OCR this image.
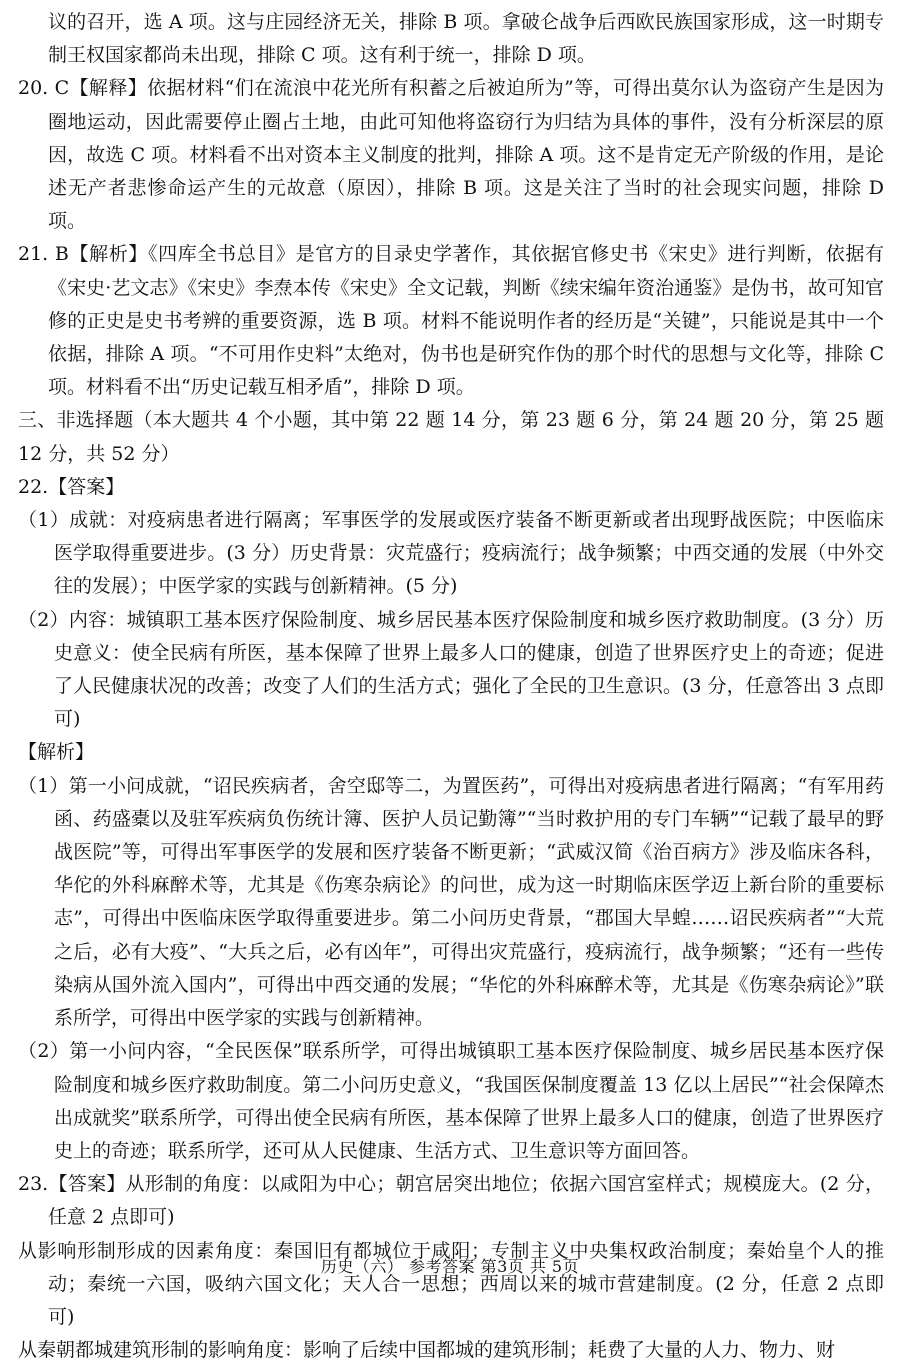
议的召开，选 A 项。这与庄园经济无关，排除 B 项。拿破仑战争后西欧民族国家形成，这一时期专制王权国家都尚未出现，排除 C 项。这有利于统一，排除 D 项。

20. C【解释】依据材料“们在流浪中花光所有积蓄之后被迫所为”等，可得出莫尔认为盗窃产生是因为圈地运动，因此需要停止圈占土地，由此可知他将盗窃行为归结为具体的事件，没有分析深层的原因，故选 C 项。材料看不出对资本主义制度的批判，排除 A 项。这不是肯定无产阶级的作用，是论述无产者悲惨命运产生的元故意（原因），排除 B 项。这是关注了当时的社会现实问题，排除 D 项。

21. B【解析】《四库全书总目》是官方的目录史学著作，其依据官修史书《宋史》进行判断，依据有《宋史·艺文志》《宋史》李焘本传《宋史》全文记载，判断《续宋编年资治通鉴》是伪书，故可知官修的正史是史书考辨的重要资源，选 B 项。材料不能说明作者的经历是“关键”，只能说是其中一个依据，排除 A 项。“不可用作史料”太绝对，伪书也是研究作伪的那个时代的思想与文化等，排除 C 项。材料看不出“历史记载互相矛盾”，排除 D 项。

三、非选择题（本大题共 4 个小题，其中第 22 题 14 分，第 23 题 6 分，第 24 题 20 分，第 25 题 12 分，共 52 分）

22.【答案】

（1）成就：对疫病患者进行隔离；军事医学的发展或医疗装备不断更新或者出现野战医院；中医临床医学取得重要进步。(3 分）历史背景：灾荒盛行；疫病流行；战争频繁；中西交通的发展（中外交往的发展）；中医学家的实践与创新精神。(5 分)

（2）内容：城镇职工基本医疗保险制度、城乡居民基本医疗保险制度和城乡医疗救助制度。(3 分）历史意义：使全民病有所医，基本保障了世界上最多人口的健康，创造了世界医疗史上的奇迹；促进了人民健康状况的改善；改变了人们的生活方式；强化了全民的卫生意识。(3 分，任意答出 3 点即可)

【解析】

（1）第一小问成就，“诏民疾病者，舍空邸等二，为置医药”，可得出对疫病患者进行隔离；“有军用药函、药盛橐以及驻军疾病负伤统计簿、医护人员记勤簿”“当时救护用的专门车辆”“记载了最早的野战医院”等，可得出军事医学的发展和医疗装备不断更新；“武威汉简《治百病方》涉及临床各科，华佗的外科麻醉术等，尤其是《伤寒杂病论》的问世，成为这一时期临床医学迈上新台阶的重要标志”，可得出中医临床医学取得重要进步。第二小问历史背景，“郡国大旱蝗……诏民疾病者”“大荒之后，必有大疫”、“大兵之后，必有凶年”，可得出灾荒盛行，疫病流行，战争频繁；“还有一些传染病从国外流入国内”，可得出中西交通的发展；“华佗的外科麻醉术等，尤其是《伤寒杂病论》”联系所学，可得出中医学家的实践与创新精神。

（2）第一小问内容，“全民医保”联系所学，可得出城镇职工基本医疗保险制度、城乡居民基本医疗保险制度和城乡医疗救助制度。第二小问历史意义，“我国医保制度覆盖 13 亿以上居民”“社会保障杰出成就奖”联系所学，可得出使全民病有所医，基本保障了世界上最多人口的健康，创造了世界医疗史上的奇迹；联系所学，还可从人民健康、生活方式、卫生意识等方面回答。

23.【答案】从形制的角度：以咸阳为中心；朝宫居突出地位；依据六国宫室样式；规模庞大。(2 分，任意 2 点即可)

从影响形制形成的因素角度：秦国旧有都城位于咸阳；专制主义中央集权政治制度；秦始皇个人的推动；秦统一六国，吸纳六国文化；天人合一思想；西周以来的城市营建制度。(2 分，任意 2 点即可)

从秦朝都城建筑形制的影响角度：影响了后续中国都城的建筑形制；耗费了大量的人力、物力、财

历史（六） 参考答案 第3页 共 5页
